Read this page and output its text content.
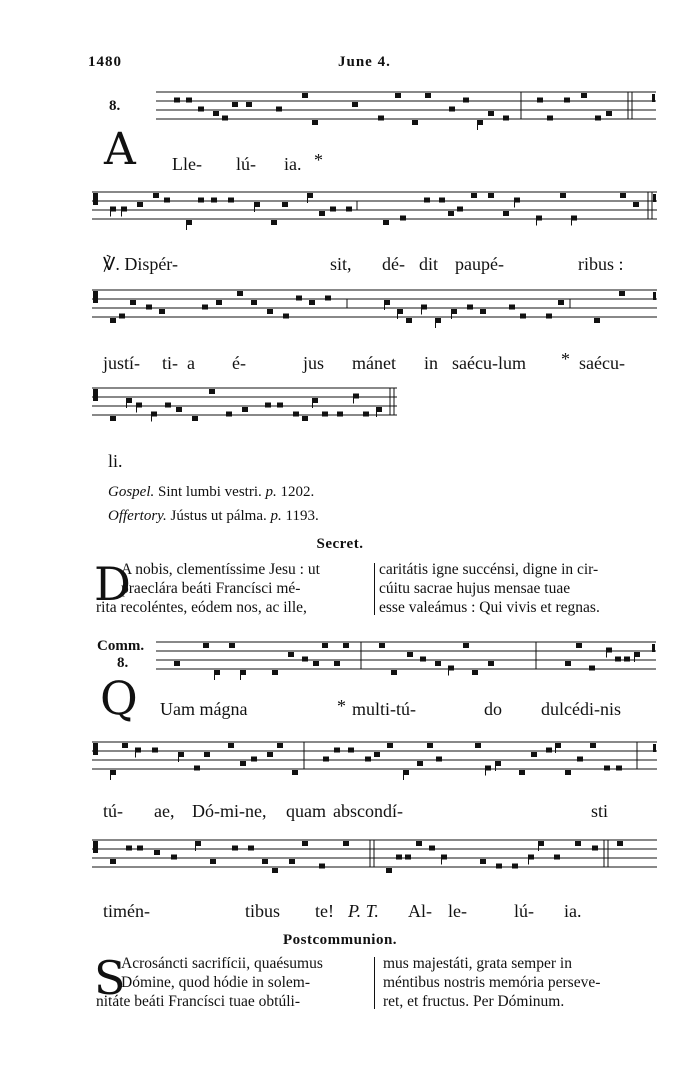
1480	June 4.
8.
A Lle- lú- ia. *
℣. Dispér-	sit, dé- dit paupé-	ribus :
justí- ti- a é-	jus mánet in saécu-lum * saécu-
li.
Gospel. Sint lumbi vestri. p. 1202.
Offertory. Jústus ut pálma. p. 1193.
Secret.
D
A nobis, clementíssime Jesu : ut
praeclára beáti Francísci mé-
rita recoléntes, eódem nos, ac ille,
caritátis igne succénsi, digne in cir-
cúitu sacrae hujus mensae tuae
esse valeámus : Qui vivis et regnas.
Comm.
8.
Q Uam mágna	* multi-tú-	do dulcédi-nis
tú- ae, Dó-mi-ne, quam abscondí-	sti
timén-	tibus te! P. T. Al- le-	lú- ia.
Postcommunion.
S
Acrosáncti sacrifícii, quaésumus
Dómine, quod hódie in solem-
nitáte beáti Francísci tuae obtúli-
mus majestáti, grata semper in
méntibus nostris memória perseve-
ret, et fructus. Per Dóminum.
